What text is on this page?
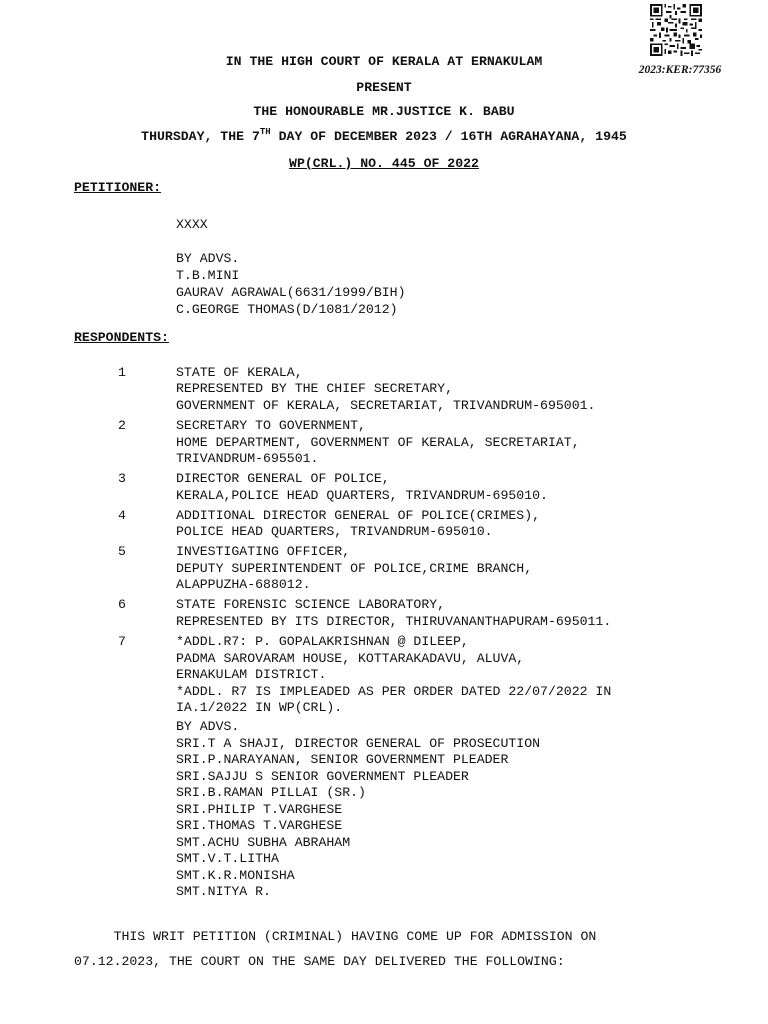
2023:KER:77356
IN THE HIGH COURT OF KERALA AT ERNAKULAM
PRESENT
THE HONOURABLE MR.JUSTICE K. BABU
THURSDAY, THE 7TH DAY OF DECEMBER 2023 / 16TH AGRAHAYANA, 1945
WP(CRL.) NO. 445 OF 2022
PETITIONER:
XXXX
BY ADVS.
T.B.MINI
GAURAV AGRAWAL(6631/1999/BIH)
C.GEORGE THOMAS(D/1081/2012)
RESPONDENTS:
1	STATE OF KERALA,
REPRESENTED BY THE CHIEF SECRETARY,
GOVERNMENT OF KERALA, SECRETARIAT, TRIVANDRUM-695001.
2	SECRETARY TO GOVERNMENT,
HOME DEPARTMENT, GOVERNMENT OF KERALA, SECRETARIAT,
TRIVANDRUM-695501.
3	DIRECTOR GENERAL OF POLICE,
KERALA,POLICE HEAD QUARTERS, TRIVANDRUM-695010.
4	ADDITIONAL DIRECTOR GENERAL OF POLICE(CRIMES),
POLICE HEAD QUARTERS, TRIVANDRUM-695010.
5	INVESTIGATING OFFICER,
DEPUTY SUPERINTENDENT OF POLICE,CRIME BRANCH,
ALAPPUZHA-688012.
6	STATE FORENSIC SCIENCE LABORATORY,
REPRESENTED BY ITS DIRECTOR, THIRUVANANTHAPURAM-695011.
7	*ADDL.R7: P. GOPALAKRISHNAN @ DILEEP,
PADMA SAROVARAM HOUSE, KOTTARAKADAVU, ALUVA,
ERNAKULAM DISTRICT.
*ADDL. R7 IS IMPLEADED AS PER ORDER DATED 22/07/2022 IN
IA.1/2022 IN WP(CRL).
BY ADVS.
SRI.T A SHAJI, DIRECTOR GENERAL OF PROSECUTION
SRI.P.NARAYANAN, SENIOR GOVERNMENT PLEADER
SRI.SAJJU S SENIOR GOVERNMENT PLEADER
SRI.B.RAMAN PILLAI (SR.)
SRI.PHILIP T.VARGHESE
SRI.THOMAS T.VARGHESE
SMT.ACHU SUBHA ABRAHAM
SMT.V.T.LITHA
SMT.K.R.MONISHA
SMT.NITYA R.
THIS WRIT PETITION (CRIMINAL) HAVING COME UP FOR ADMISSION ON
07.12.2023, THE COURT ON THE SAME DAY DELIVERED THE FOLLOWING:
